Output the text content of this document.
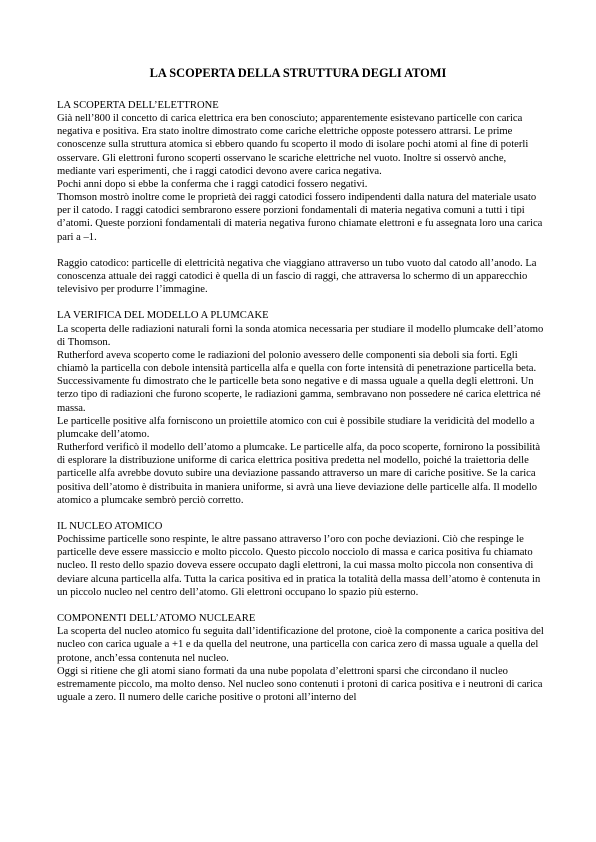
LA SCOPERTA DELLA STRUTTURA DEGLI ATOMI

LA SCOPERTA DELL’ELETTRONE

Già nell’800 il concetto di carica elettrica era ben conosciuto; apparentemente esistevano particelle con carica negativa e positiva. Era stato inoltre dimostrato come cariche elettriche opposte potessero attrarsi. Le prime conoscenze sulla struttura atomica si ebbero quando fu scoperto il modo di isolare pochi atomi al fine di poterli osservare. Gli elettroni furono scoperti osservano le scariche elettriche nel vuoto. Inoltre si osservò anche, mediante vari esperimenti, che i raggi catodici devono avere carica negativa.

Pochi anni dopo si ebbe la conferma che i raggi catodici fossero negativi.

Thomson mostrò inoltre come le proprietà dei raggi catodici fossero indipendenti dalla natura del materiale usato per il catodo. I raggi catodici sembrarono essere porzioni fondamentali di materia negativa comuni a tutti i tipi d’atomi. Queste porzioni fondamentali di materia negativa furono chiamate elettroni e fu assegnata loro una carica pari a –1.

Raggio catodico: particelle di elettricità negativa che viaggiano attraverso un tubo vuoto dal catodo all’anodo. La conoscenza attuale dei raggi catodici è quella di un fascio di raggi, che attraversa lo schermo di un apparecchio televisivo per produrre l’immagine.

LA VERIFICA DEL MODELLO A PLUMCAKE

La scoperta delle radiazioni naturali fornì la sonda atomica necessaria per studiare il modello plumcake dell’atomo di Thomson.

Rutherford aveva scoperto come le radiazioni del polonio avessero delle componenti sia deboli sia forti. Egli chiamò la particella con debole intensità particella alfa e quella con forte intensità di penetrazione particella beta. Successivamente fu dimostrato che le particelle beta sono negative e di massa uguale a quella degli elettroni. Un terzo tipo di radiazioni che furono scoperte, le radiazioni gamma, sembravano non possedere né carica elettrica né massa.

Le particelle positive alfa forniscono un proiettile atomico con cui è possibile studiare la veridicità del modello a plumcake dell’atomo.

Rutherford verificò il modello dell’atomo a plumcake. Le particelle alfa, da poco scoperte, fornirono la possibilità di esplorare la distribuzione uniforme di carica elettrica positiva predetta nel modello, poiché la traiettoria delle particelle alfa avrebbe dovuto subire una deviazione passando attraverso un mare di cariche positive. Se la carica positiva dell’atomo è distribuita in maniera uniforme, si avrà una lieve deviazione delle particelle alfa. Il modello atomico a plumcake sembrò perciò corretto.

IL NUCLEO ATOMICO

Pochissime particelle sono respinte, le altre passano attraverso l’oro con poche deviazioni. Ciò che respinge le particelle deve essere massiccio e molto piccolo. Questo piccolo nocciolo di massa e carica positiva fu chiamato nucleo. Il resto dello spazio doveva essere occupato dagli elettroni, la cui massa molto piccola non consentiva di deviare alcuna particella alfa. Tutta la carica positiva ed in pratica la totalità della massa dell’atomo è contenuta in un piccolo nucleo nel centro dell’atomo. Gli elettroni occupano lo spazio più esterno.

COMPONENTI DELL’ATOMO NUCLEARE

La scoperta del nucleo atomico fu seguita dall’identificazione del protone, cioè la componente a carica positiva del nucleo con carica uguale a +1 e da quella del neutrone, una particella con carica zero di massa uguale a quella del protone, anch’essa contenuta nel nucleo.

Oggi si ritiene che gli atomi siano formati da una nube popolata d’elettroni sparsi che circondano il nucleo estremamente piccolo, ma molto denso. Nel nucleo sono contenuti i protoni di carica positiva e i neutroni di carica uguale a zero. Il numero delle cariche positive o protoni all’interno del
